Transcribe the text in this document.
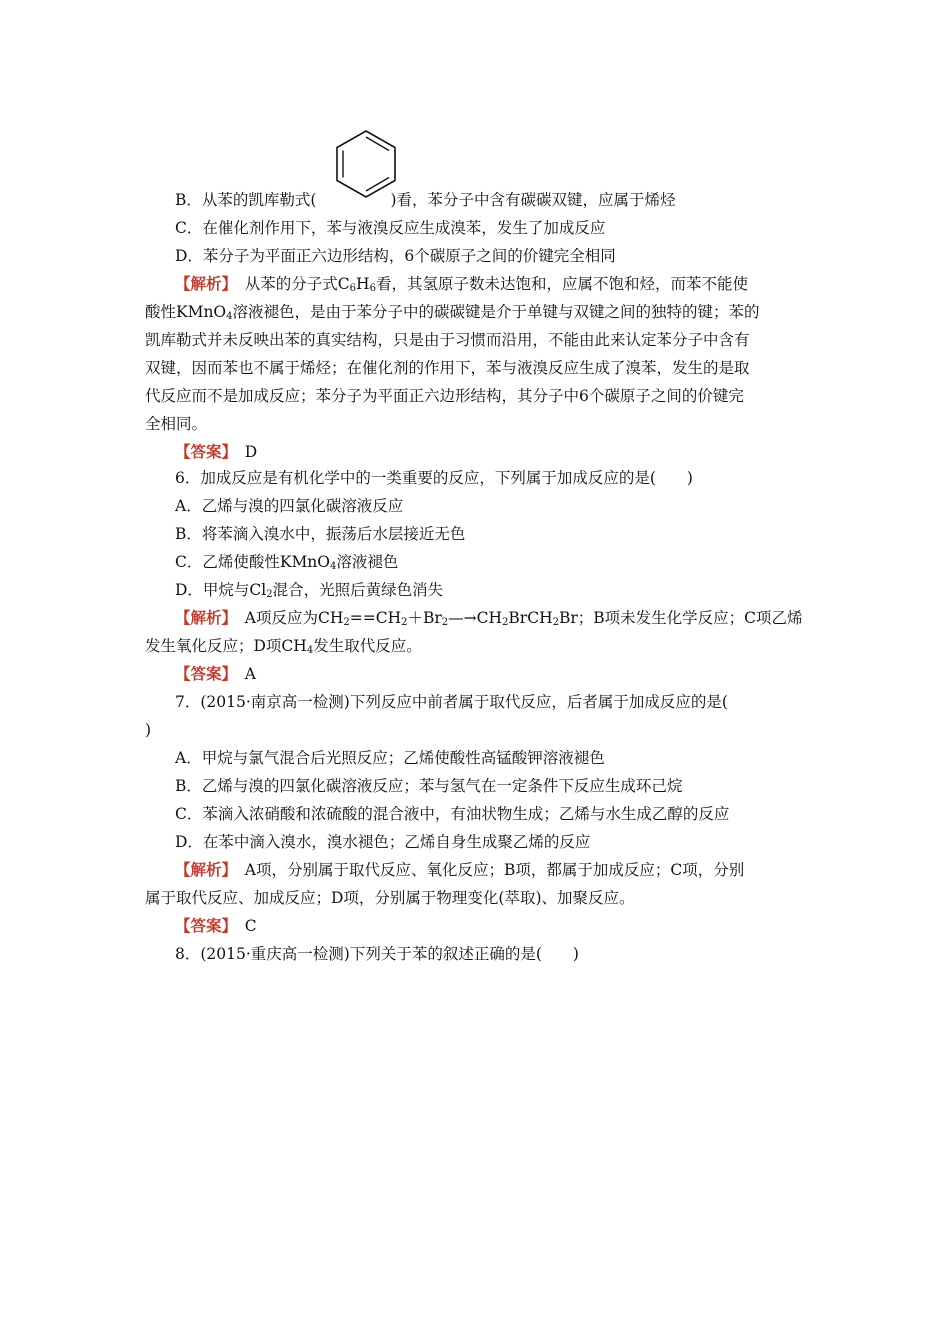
B．从苯的凯库勒式(	)看，苯分子中含有碳碳双键，应属于烯烃
C．在催化剂作用下，苯与液溴反应生成溴苯，发生了加成反应
D．苯分子为平面正六边形结构，6个碳原子之间的价键完全相同
【解析】　 从苯的分子式$C_6H_6$看，其氢原子数未达饱和，应属不饱和烃，而苯不能使
酸性KMnO$_4$溶液褪色，是由于苯分子中的碳碳键是介于单键与双键之间的独特的键；苯的
凯库勒式并未反映出苯的真实结构，只是由于习惯而沿用，不能由此来认定苯分子中含有
双键，因而苯也不属于烯烃；在催化剂的作用下，苯与液溴反应生成了溴苯，发生的是取
代反应而不是加成反应；苯分子为平面正六边形结构，其分子中6个碳原子之间的价键完
全相同。
【答案】　 D
6．加成反应是有机化学中的一类重要的反应，下列属于加成反应的是(　　)
A．乙烯与溴的四氯化碳溶液反应
B．将苯滴入溴水中，振荡后水层接近无色
C．乙烯使酸性KMnO$_4$溶液褪色
D．甲烷与$Cl_2$混合，光照后黄绿色消失
【解析】　 A项反应为$CH_2==CH_2+Br_2—\to CH_2BrCH_2Br$；B项未发生化学反应；C项乙烯
发生氧化反应；D项$CH_4$发生取代反应。
【答案】　 A
7．(2015·南京高一检测)下列反应中前者属于取代反应，后者属于加成反应的是(
)
A．甲烷与氯气混合后光照反应；乙烯使酸性高锰酸钾溶液褪色
B．乙烯与溴的四氯化碳溶液反应；苯与氢气在一定条件下反应生成环己烷
C．苯滴入浓硝酸和浓硫酸的混合液中，有油状物生成；乙烯与水生成乙醇的反应
D．在苯中滴入溴水，溴水褪色；乙烯自身生成聚乙烯的反应
【解析】　 A项，分别属于取代反应、氧化反应；B项，都属于加成反应；C项，分别
属于取代反应、加成反应；D项，分别属于物理变化(萃取)、加聚反应。
【答案】　 C
8．(2015·重庆高一检测)下列关于苯的叙述正确的是(　　)
